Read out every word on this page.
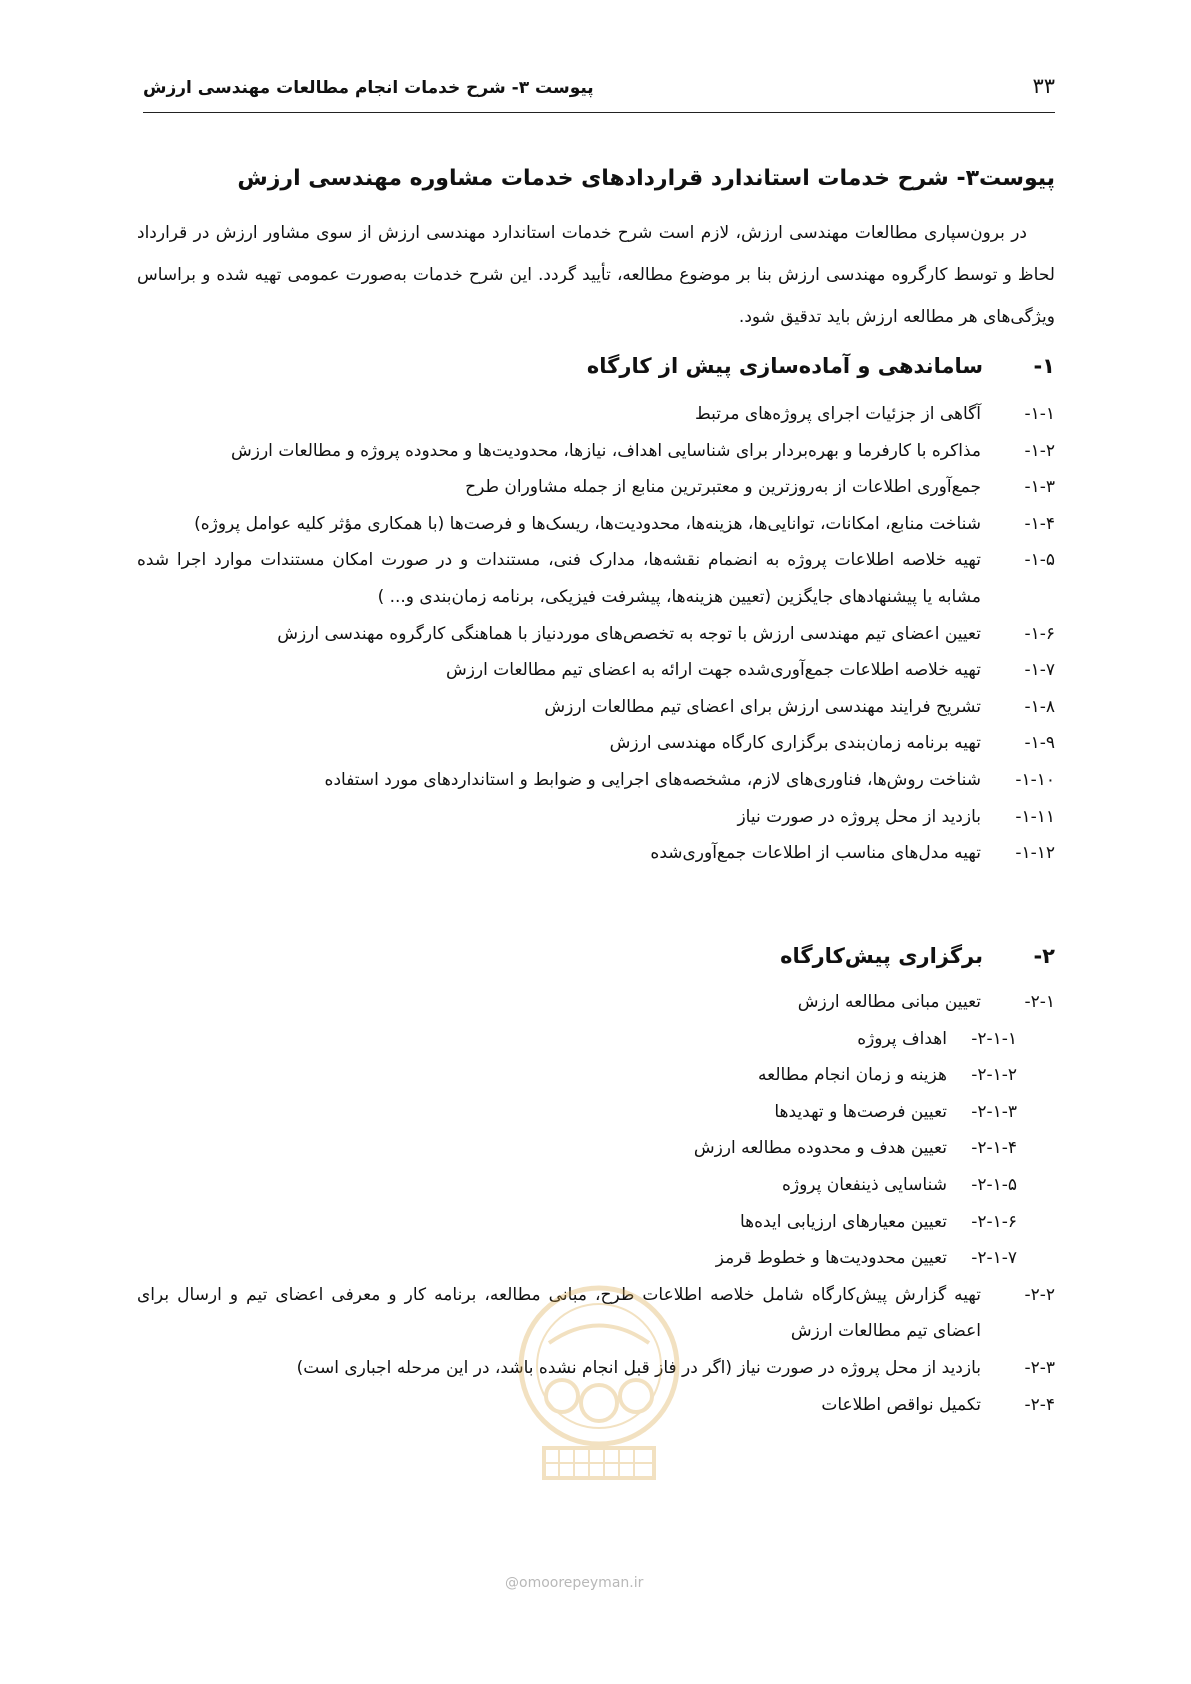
۳۳
پیوست ۳- شرح خدمات انجام مطالعات مهندسی ارزش
پیوست۳- شرح خدمات استاندارد قراردادهای خدمات مشاوره مهندسی ارزش

در برون‌سپاری مطالعات مهندسی ارزش، لازم است شرح خدمات استاندارد مهندسی ارزش از سوی مشاور ارزش در قرارداد لحاظ و توسط کارگروه مهندسی ارزش بنا بر موضوع مطالعه، تأیید گردد. این شرح خدمات به‌صورت عمومی تهیه شده و براساس ویژگی‌های هر مطالعه ارزش باید تدقیق شود.

۱-ساماندهی و آماده‌سازی پیش از کارگاه
۱-۱-
آگاهی از جزئیات اجرای پروژه‌های مرتبط
۱-۲-
مذاکره با کارفرما و بهره‌بردار برای شناسایی اهداف، نیازها، محدودیت‌ها و محدوده پروژه و مطالعات ارزش
۱-۳-
جمع‌آوری اطلاعات از به‌روزترین و معتبرترین منابع از جمله مشاوران طرح
۱-۴-
شناخت منابع، امکانات، توانایی‌ها، هزینه‌ها، محدودیت‌ها، ریسک‌ها و فرصت‌ها (با همکاری مؤثر کلیه عوامل پروژه)
۱-۵-
تهیه خلاصه اطلاعات پروژه به انضمام نقشه‌ها، مدارک فنی، مستندات و در صورت امکان مستندات موارد اجرا شده مشابه یا پیشنهادهای جایگزین (تعیین هزینه‌ها، پیشرفت فیزیکی، برنامه زمان‌بندی و... )
۱-۶-
تعیین اعضای تیم مهندسی ارزش با توجه به تخصص‌های موردنیاز با هماهنگی کارگروه مهندسی ارزش
۱-۷-
تهیه خلاصه اطلاعات جمع‌آوری‌شده جهت ارائه به اعضای تیم مطالعات ارزش
۱-۸-
تشریح فرایند مهندسی ارزش برای اعضای تیم مطالعات ارزش
۱-۹-
تهیه برنامه زمان‌بندی برگزاری کارگاه مهندسی ارزش
۱-۱۰-
شناخت روش‌ها، فناوری‌های لازم، مشخصه‌های اجرایی و ضوابط و استانداردهای مورد استفاده
۱-۱۱-
بازدید از محل پروژه در صورت نیاز
۱-۱۲-
تهیه مدل‌های مناسب از اطلاعات جمع‌آوری‌شده
۲-برگزاری پیش‌کارگاه
۲-۱-
تعیین مبانی مطالعه ارزش
۲-۱-۱-
اهداف پروژه
۲-۱-۲-
هزینه و زمان انجام مطالعه
۲-۱-۳-
تعیین فرصت‌ها و تهدیدها
۲-۱-۴-
تعیین هدف و محدوده مطالعه ارزش
۲-۱-۵-
شناسایی ذینفعان پروژه
۲-۱-۶-
تعیین معیارهای ارزیابی ایده‌ها
۲-۱-۷-
تعیین محدودیت‌ها و خطوط قرمز
۲-۲-
تهیه گزارش پیش‌کارگاه شامل خلاصه اطلاعات طرح، مبانی مطالعه، برنامه کار و معرفی اعضای تیم و ارسال برای اعضای تیم مطالعات ارزش
۲-۳-
بازدید از محل پروژه در صورت نیاز (اگر در فاز قبل انجام نشده باشد، در این مرحله اجباری است)
۲-۴-
تکمیل نواقص اطلاعات
@omoorepeyman.ir
